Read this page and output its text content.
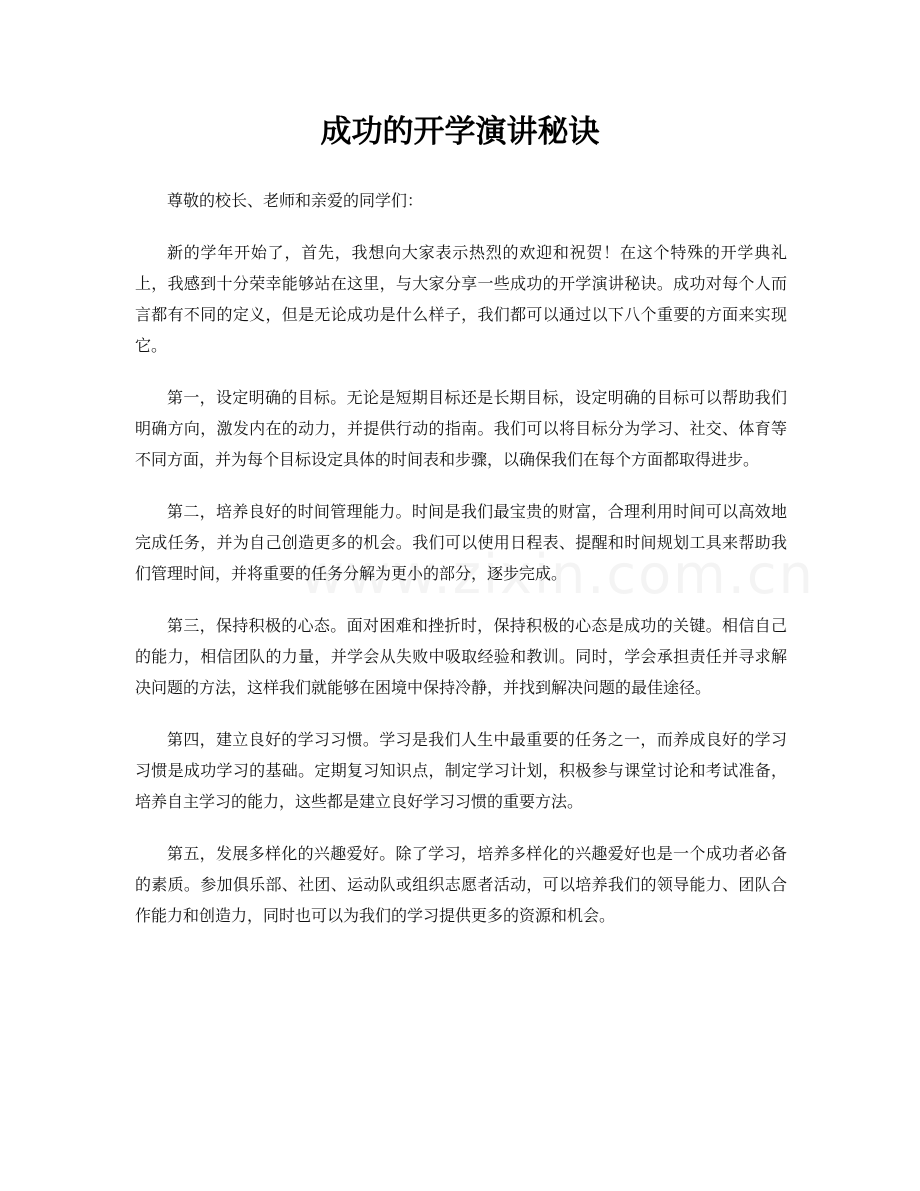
成功的开学演讲秘诀

尊敬的校长、老师和亲爱的同学们：

新的学年开始了，首先，我想向大家表示热烈的欢迎和祝贺！在这个特殊的开学典礼上，我感到十分荣幸能够站在这里，与大家分享一些成功的开学演讲秘诀。成功对每个人而言都有不同的定义，但是无论成功是什么样子，我们都可以通过以下八个重要的方面来实现它。

第一，设定明确的目标。无论是短期目标还是长期目标，设定明确的目标可以帮助我们明确方向，激发内在的动力，并提供行动的指南。我们可以将目标分为学习、社交、体育等不同方面，并为每个目标设定具体的时间表和步骤，以确保我们在每个方面都取得进步。

第二，培养良好的时间管理能力。时间是我们最宝贵的财富，合理利用时间可以高效地完成任务，并为自己创造更多的机会。我们可以使用日程表、提醒和时间规划工具来帮助我们管理时间，并将重要的任务分解为更小的部分，逐步完成。

第三，保持积极的心态。面对困难和挫折时，保持积极的心态是成功的关键。相信自己的能力，相信团队的力量，并学会从失败中吸取经验和教训。同时，学会承担责任并寻求解决问题的方法，这样我们就能够在困境中保持冷静，并找到解决问题的最佳途径。

第四，建立良好的学习习惯。学习是我们人生中最重要的任务之一，而养成良好的学习习惯是成功学习的基础。定期复习知识点，制定学习计划，积极参与课堂讨论和考试准备，培养自主学习的能力，这些都是建立良好学习习惯的重要方法。

第五，发展多样化的兴趣爱好。除了学习，培养多样化的兴趣爱好也是一个成功者必备的素质。参加俱乐部、社团、运动队或组织志愿者活动，可以培养我们的领导能力、团队合作能力和创造力，同时也可以为我们的学习提供更多的资源和机会。
